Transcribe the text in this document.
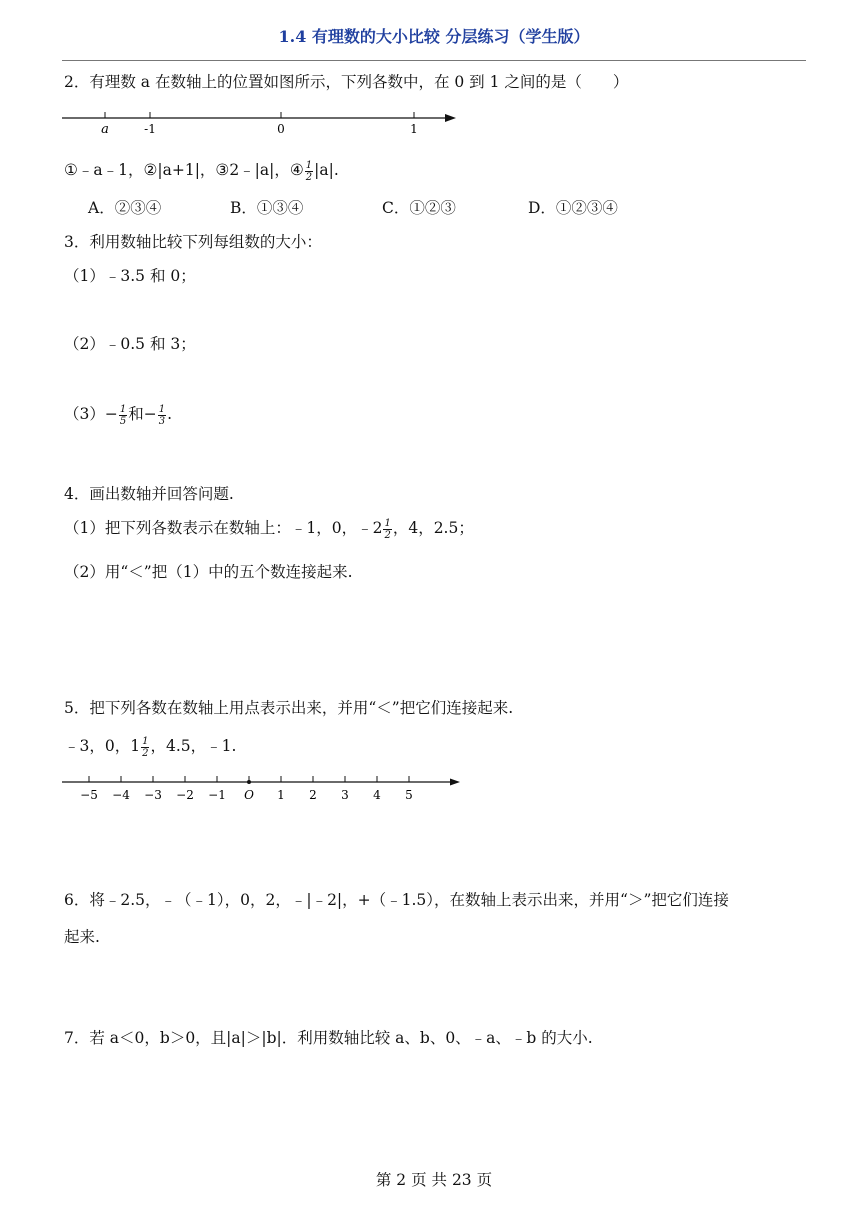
1.4 有理数的大小比较 分层练习（学生版）
2．有理数 a 在数轴上的位置如图所示，下列各数中，在 0 到 1 之间的是（　　）
a	-1	0	1
①﹣a﹣1，②|a+1|，③2﹣|a|，④ $\frac{1}{2} |a|$.
A．②③④	B．①③④	C．①②③	D．①②③④
3．利用数轴比较下列每组数的大小：
（1）﹣3.5 和 0；
（2）﹣0.5 和 3；
$(3)- \frac{1}{5}$ 和− $\frac{1}{3}$ .
4．画出数轴并回答问题.
（1）把下列各数表示在数轴上：﹣1，0，﹣2 $\frac{1}{2}$ ，4，2.5；
（2）用“＜”把（1）中的五个数连接起来.
5．把下列各数在数轴上用点表示出来，并用“＜”把它们连接起来.
﹣3，0，$1 \frac{1}{2}$ ，4.5，﹣1.
−5 −4 −3 −2 −1 O 1 2 3 4 5
6．将﹣2.5，﹣（﹣1），0，2，﹣|﹣2|，+（﹣1.5），在数轴上表示出来，并用“＞”把它们连接
起来.
7．若 a＜0，b＞0，且|a|＞|b|．利用数轴比较 a、b、0、﹣a、﹣b 的大小.
第 2 页 共 23 页
